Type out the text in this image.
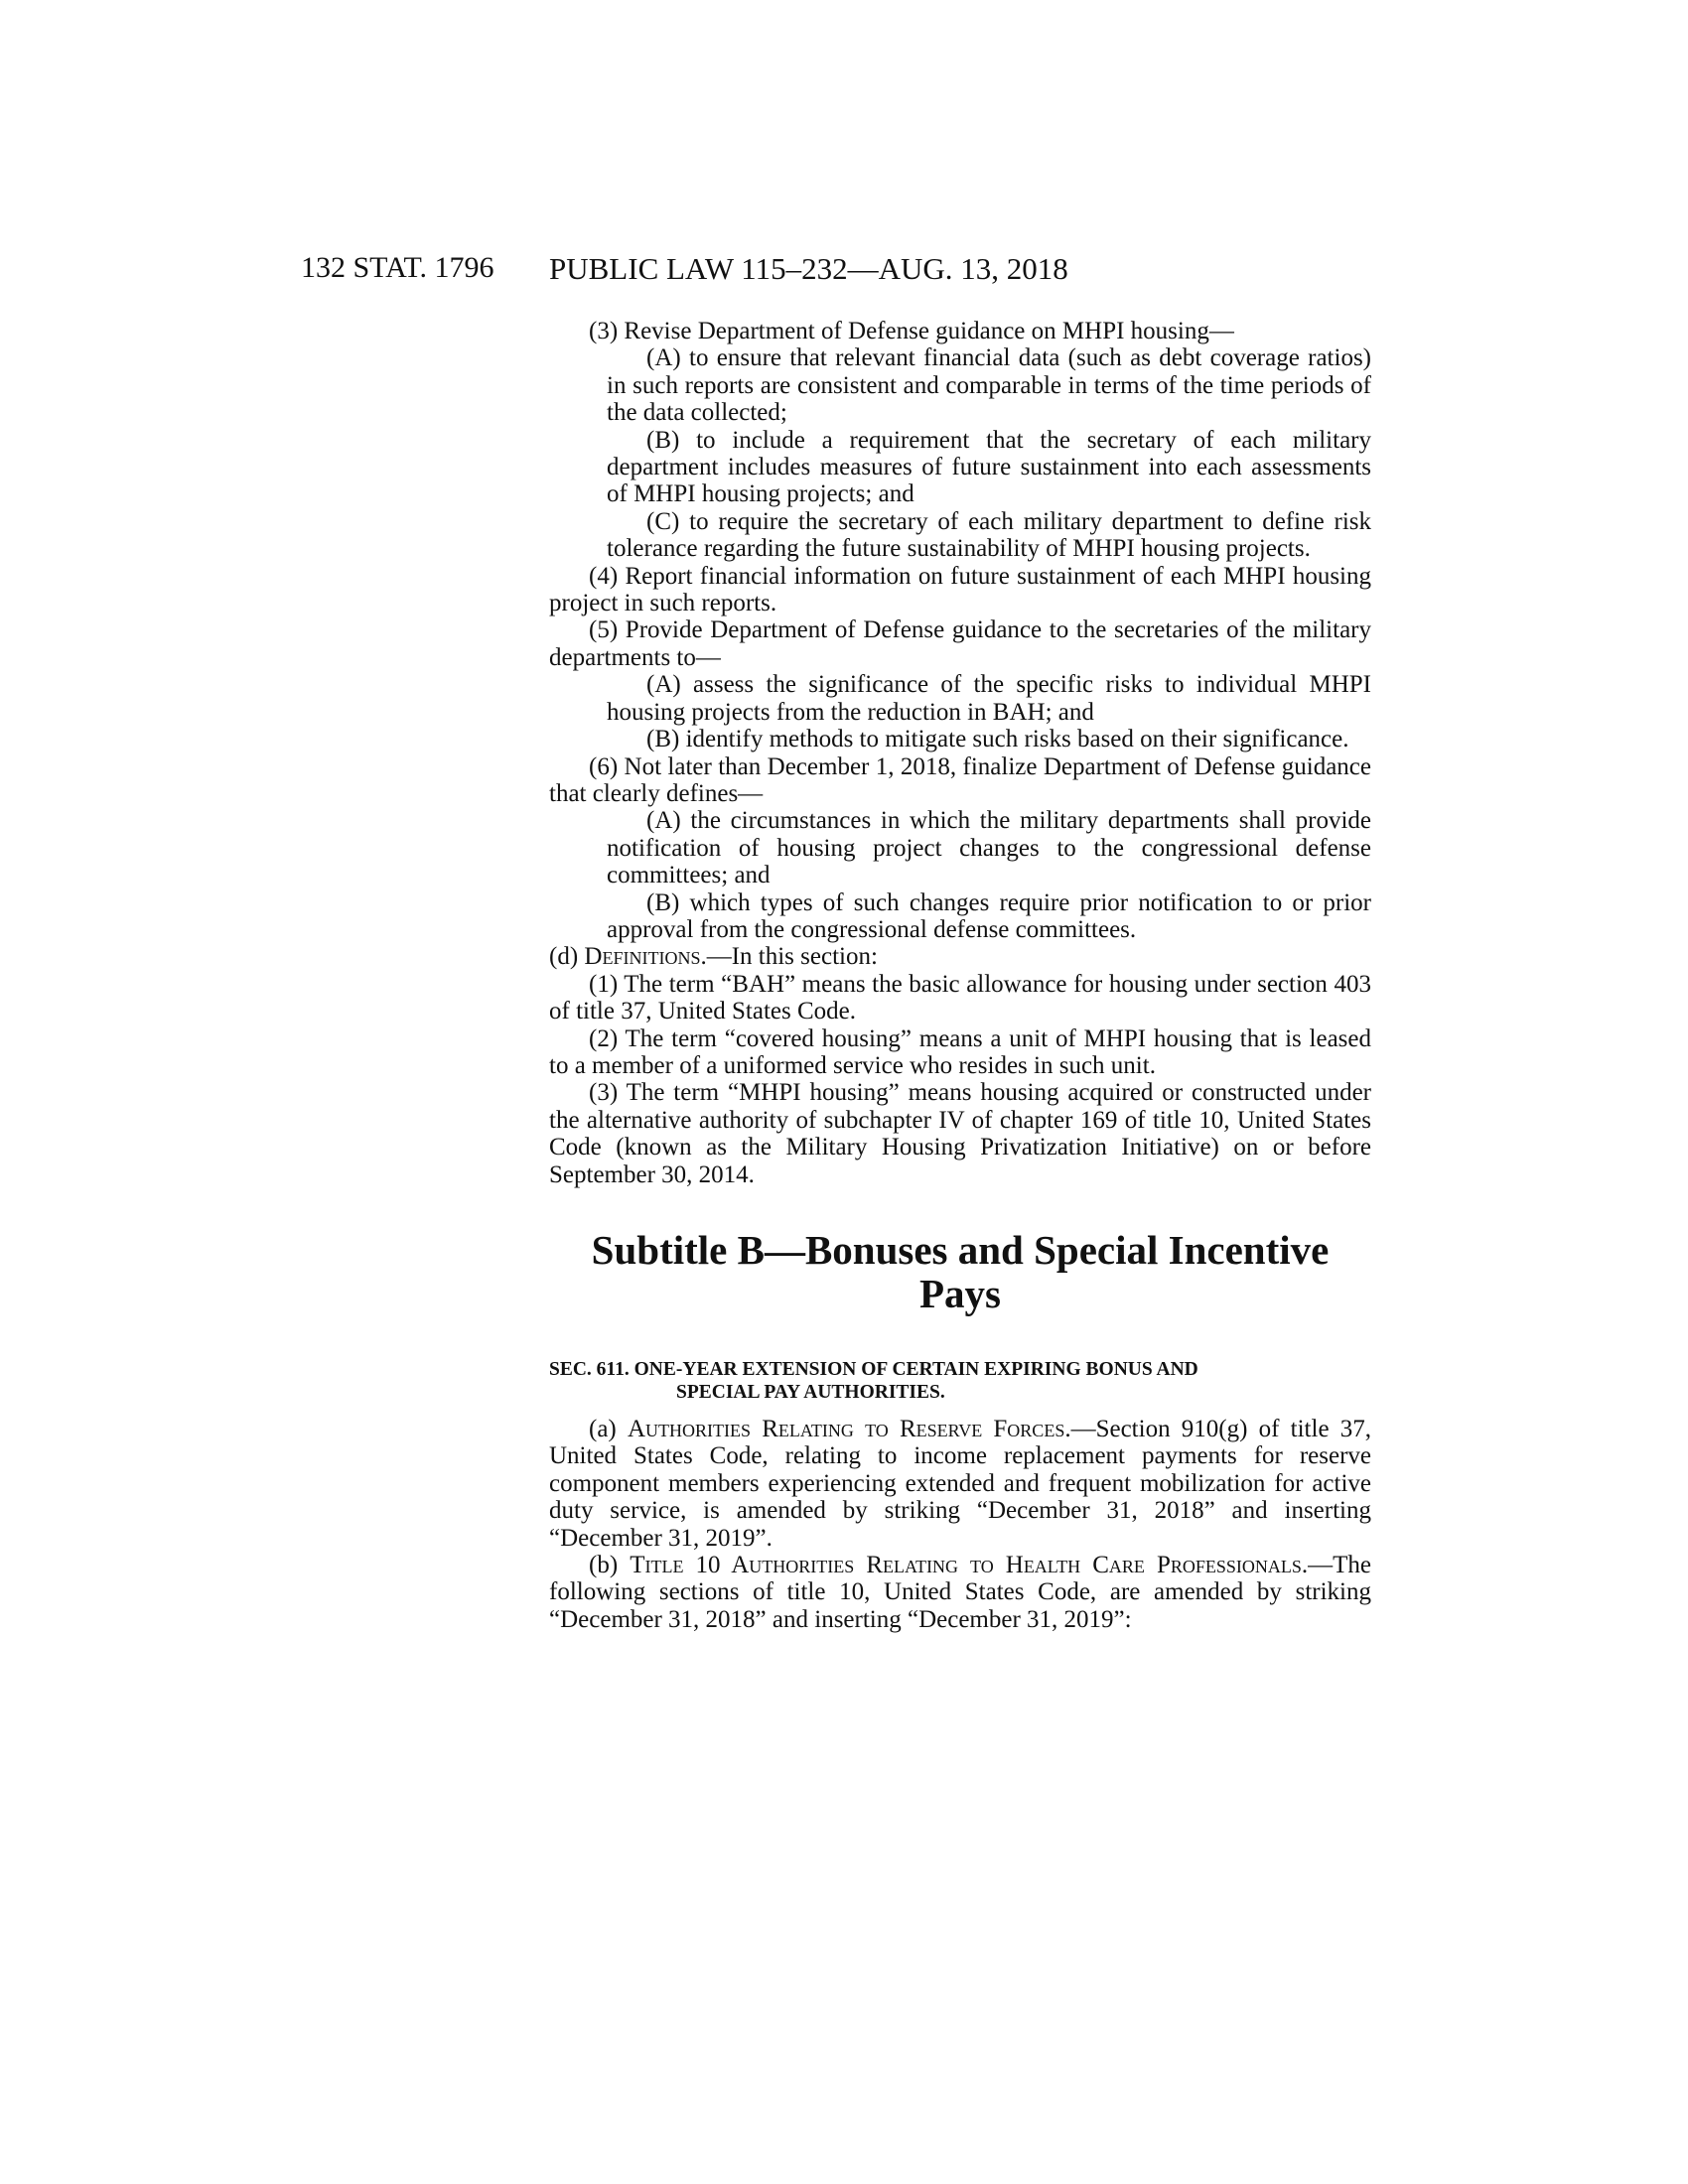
132 STAT. 1796 PUBLIC LAW 115–232—AUG. 13, 2018

(3) Revise Department of Defense guidance on MHPI housing—

(A) to ensure that relevant financial data (such as debt coverage ratios) in such reports are consistent and comparable in terms of the time periods of the data collected;

(B) to include a requirement that the secretary of each military department includes measures of future sustainment into each assessments of MHPI housing projects; and

(C) to require the secretary of each military department to define risk tolerance regarding the future sustainability of MHPI housing projects.

(4) Report financial information on future sustainment of each MHPI housing project in such reports.

(5) Provide Department of Defense guidance to the secretaries of the military departments to—

(A) assess the significance of the specific risks to individual MHPI housing projects from the reduction in BAH; and

(B) identify methods to mitigate such risks based on their significance.

(6) Not later than December 1, 2018, finalize Department of Defense guidance that clearly defines—

(A) the circumstances in which the military departments shall provide notification of housing project changes to the congressional defense committees; and

(B) which types of such changes require prior notification to or prior approval from the congressional defense committees.

(d) Definitions.—In this section:

(1) The term “BAH” means the basic allowance for housing under section 403 of title 37, United States Code.

(2) The term “covered housing” means a unit of MHPI housing that is leased to a member of a uniformed service who resides in such unit.

(3) The term “MHPI housing” means housing acquired or constructed under the alternative authority of subchapter IV of chapter 169 of title 10, United States Code (known as the Military Housing Privatization Initiative) on or before September 30, 2014.

Subtitle B—Bonuses and Special Incentive
Pays
SEC. 611. ONE-YEAR EXTENSION OF CERTAIN EXPIRING BONUS AND
SPECIAL PAY AUTHORITIES.

(a) Authorities Relating to Reserve Forces.—Section 910(g) of title 37, United States Code, relating to income replacement payments for reserve component members experiencing extended and frequent mobilization for active duty service, is amended by striking “December 31, 2018” and inserting “December 31, 2019”.

(b) Title 10 Authorities Relating to Health Care Professionals.—The following sections of title 10, United States Code, are amended by striking “December 31, 2018” and inserting “December 31, 2019”:
